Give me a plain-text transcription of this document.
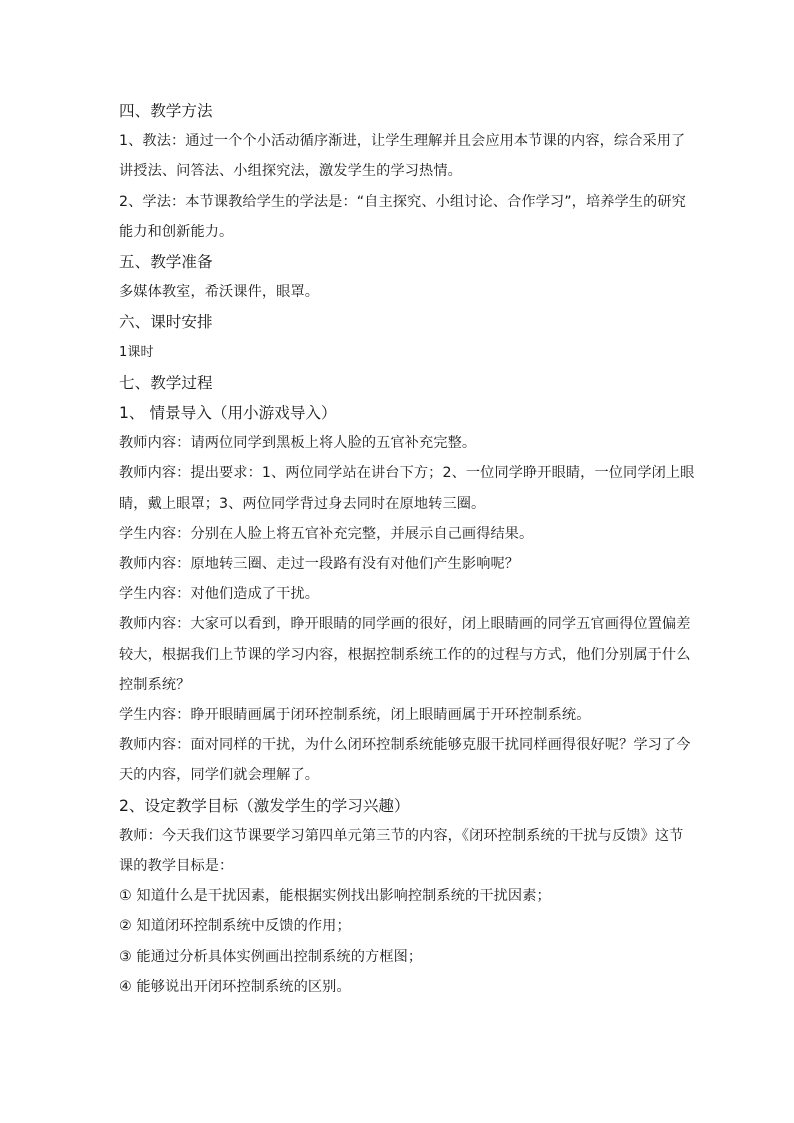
四、教学方法
1、教法：通过一个个小活动循序渐进，让学生理解并且会应用本节课的内容，综合采用了
讲授法、问答法、小组探究法，激发学生的学习热情。
2、学法：本节课教给学生的学法是：“自主探究、小组讨论、合作学习”，培养学生的研究
能力和创新能力。
五、教学准备
多媒体教室，希沃课件，眼罩。
六、课时安排
1课时
七、教学过程
1、 情景导入（用小游戏导入）
教师内容：请两位同学到黑板上将人脸的五官补充完整。
教师内容：提出要求：1、两位同学站在讲台下方；2、一位同学睁开眼睛，一位同学闭上眼
睛，戴上眼罩；3、两位同学背过身去同时在原地转三圈。
学生内容：分别在人脸上将五官补充完整，并展示自己画得结果。
教师内容：原地转三圈、走过一段路有没有对他们产生影响呢？
学生内容：对他们造成了干扰。
教师内容：大家可以看到，睁开眼睛的同学画的很好，闭上眼睛画的同学五官画得位置偏差
较大，根据我们上节课的学习内容，根据控制系统工作的的过程与方式，他们分别属于什么
控制系统？
学生内容：睁开眼睛画属于闭环控制系统，闭上眼睛画属于开环控制系统。
教师内容：面对同样的干扰，为什么闭环控制系统能够克服干扰同样画得很好呢？学习了今
天的内容，同学们就会理解了。
2、设定教学目标（激发学生的学习兴趣）
教师：今天我们这节课要学习第四单元第三节的内容，《闭环控制系统的干扰与反馈》这节
课的教学目标是：
① 知道什么是干扰因素，能根据实例找出影响控制系统的干扰因素；
② 知道闭环控制系统中反馈的作用；
③ 能通过分析具体实例画出控制系统的方框图；
④ 能够说出开闭环控制系统的区别。
